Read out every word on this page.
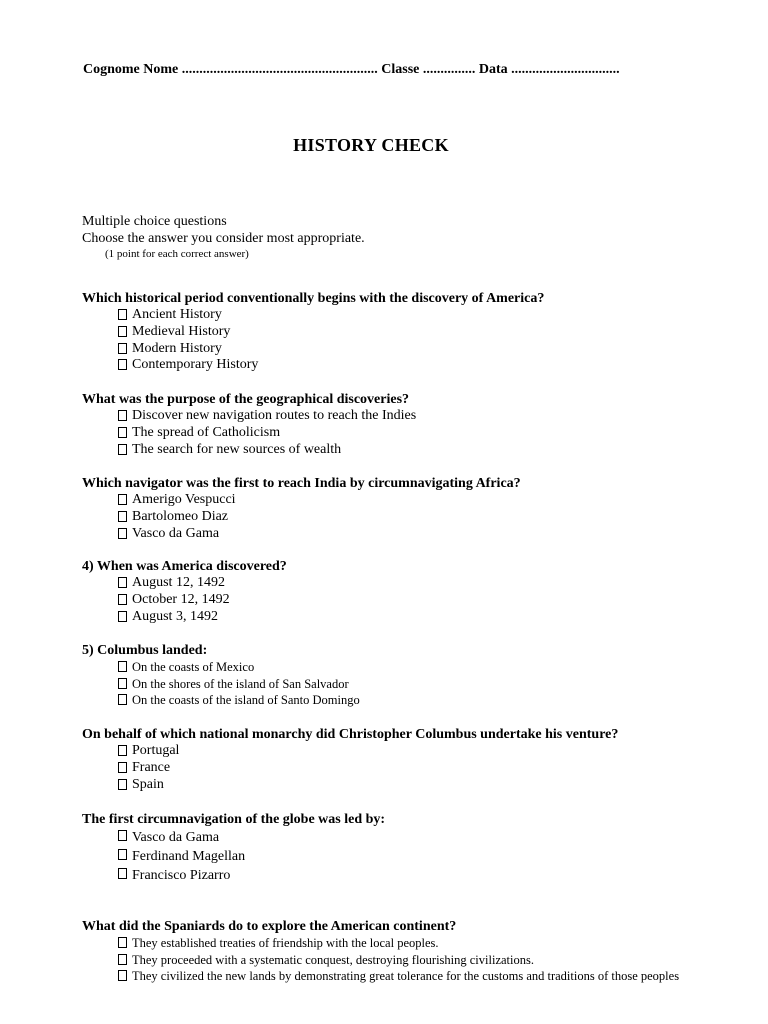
Cognome Nome ........................................................ Classe ............... Data ...............................
HISTORY CHECK
Multiple choice questions
Choose the answer you consider most appropriate.
(1 point for each correct answer)
Which historical period conventionally begins with the discovery of America?
Ancient History
Medieval History
Modern History
Contemporary History
What was the purpose of the geographical discoveries?
Discover new navigation routes to reach the Indies
The spread of Catholicism
The search for new sources of wealth
Which navigator was the first to reach India by circumnavigating Africa?
Amerigo Vespucci
Bartolomeo Diaz
Vasco da Gama
4) When was America discovered?
August 12, 1492
October 12, 1492
August 3, 1492
5) Columbus landed:
On the coasts of Mexico
On the shores of the island of San Salvador
On the coasts of the island of Santo Domingo
On behalf of which national monarchy did Christopher Columbus undertake his venture?
Portugal
France
Spain
The first circumnavigation of the globe was led by:
Vasco da Gama
Ferdinand Magellan
Francisco Pizarro
What did the Spaniards do to explore the American continent?
They established treaties of friendship with the local peoples.
They proceeded with a systematic conquest, destroying flourishing civilizations.
They civilized the new lands by demonstrating great tolerance for the customs and traditions of those peoples
